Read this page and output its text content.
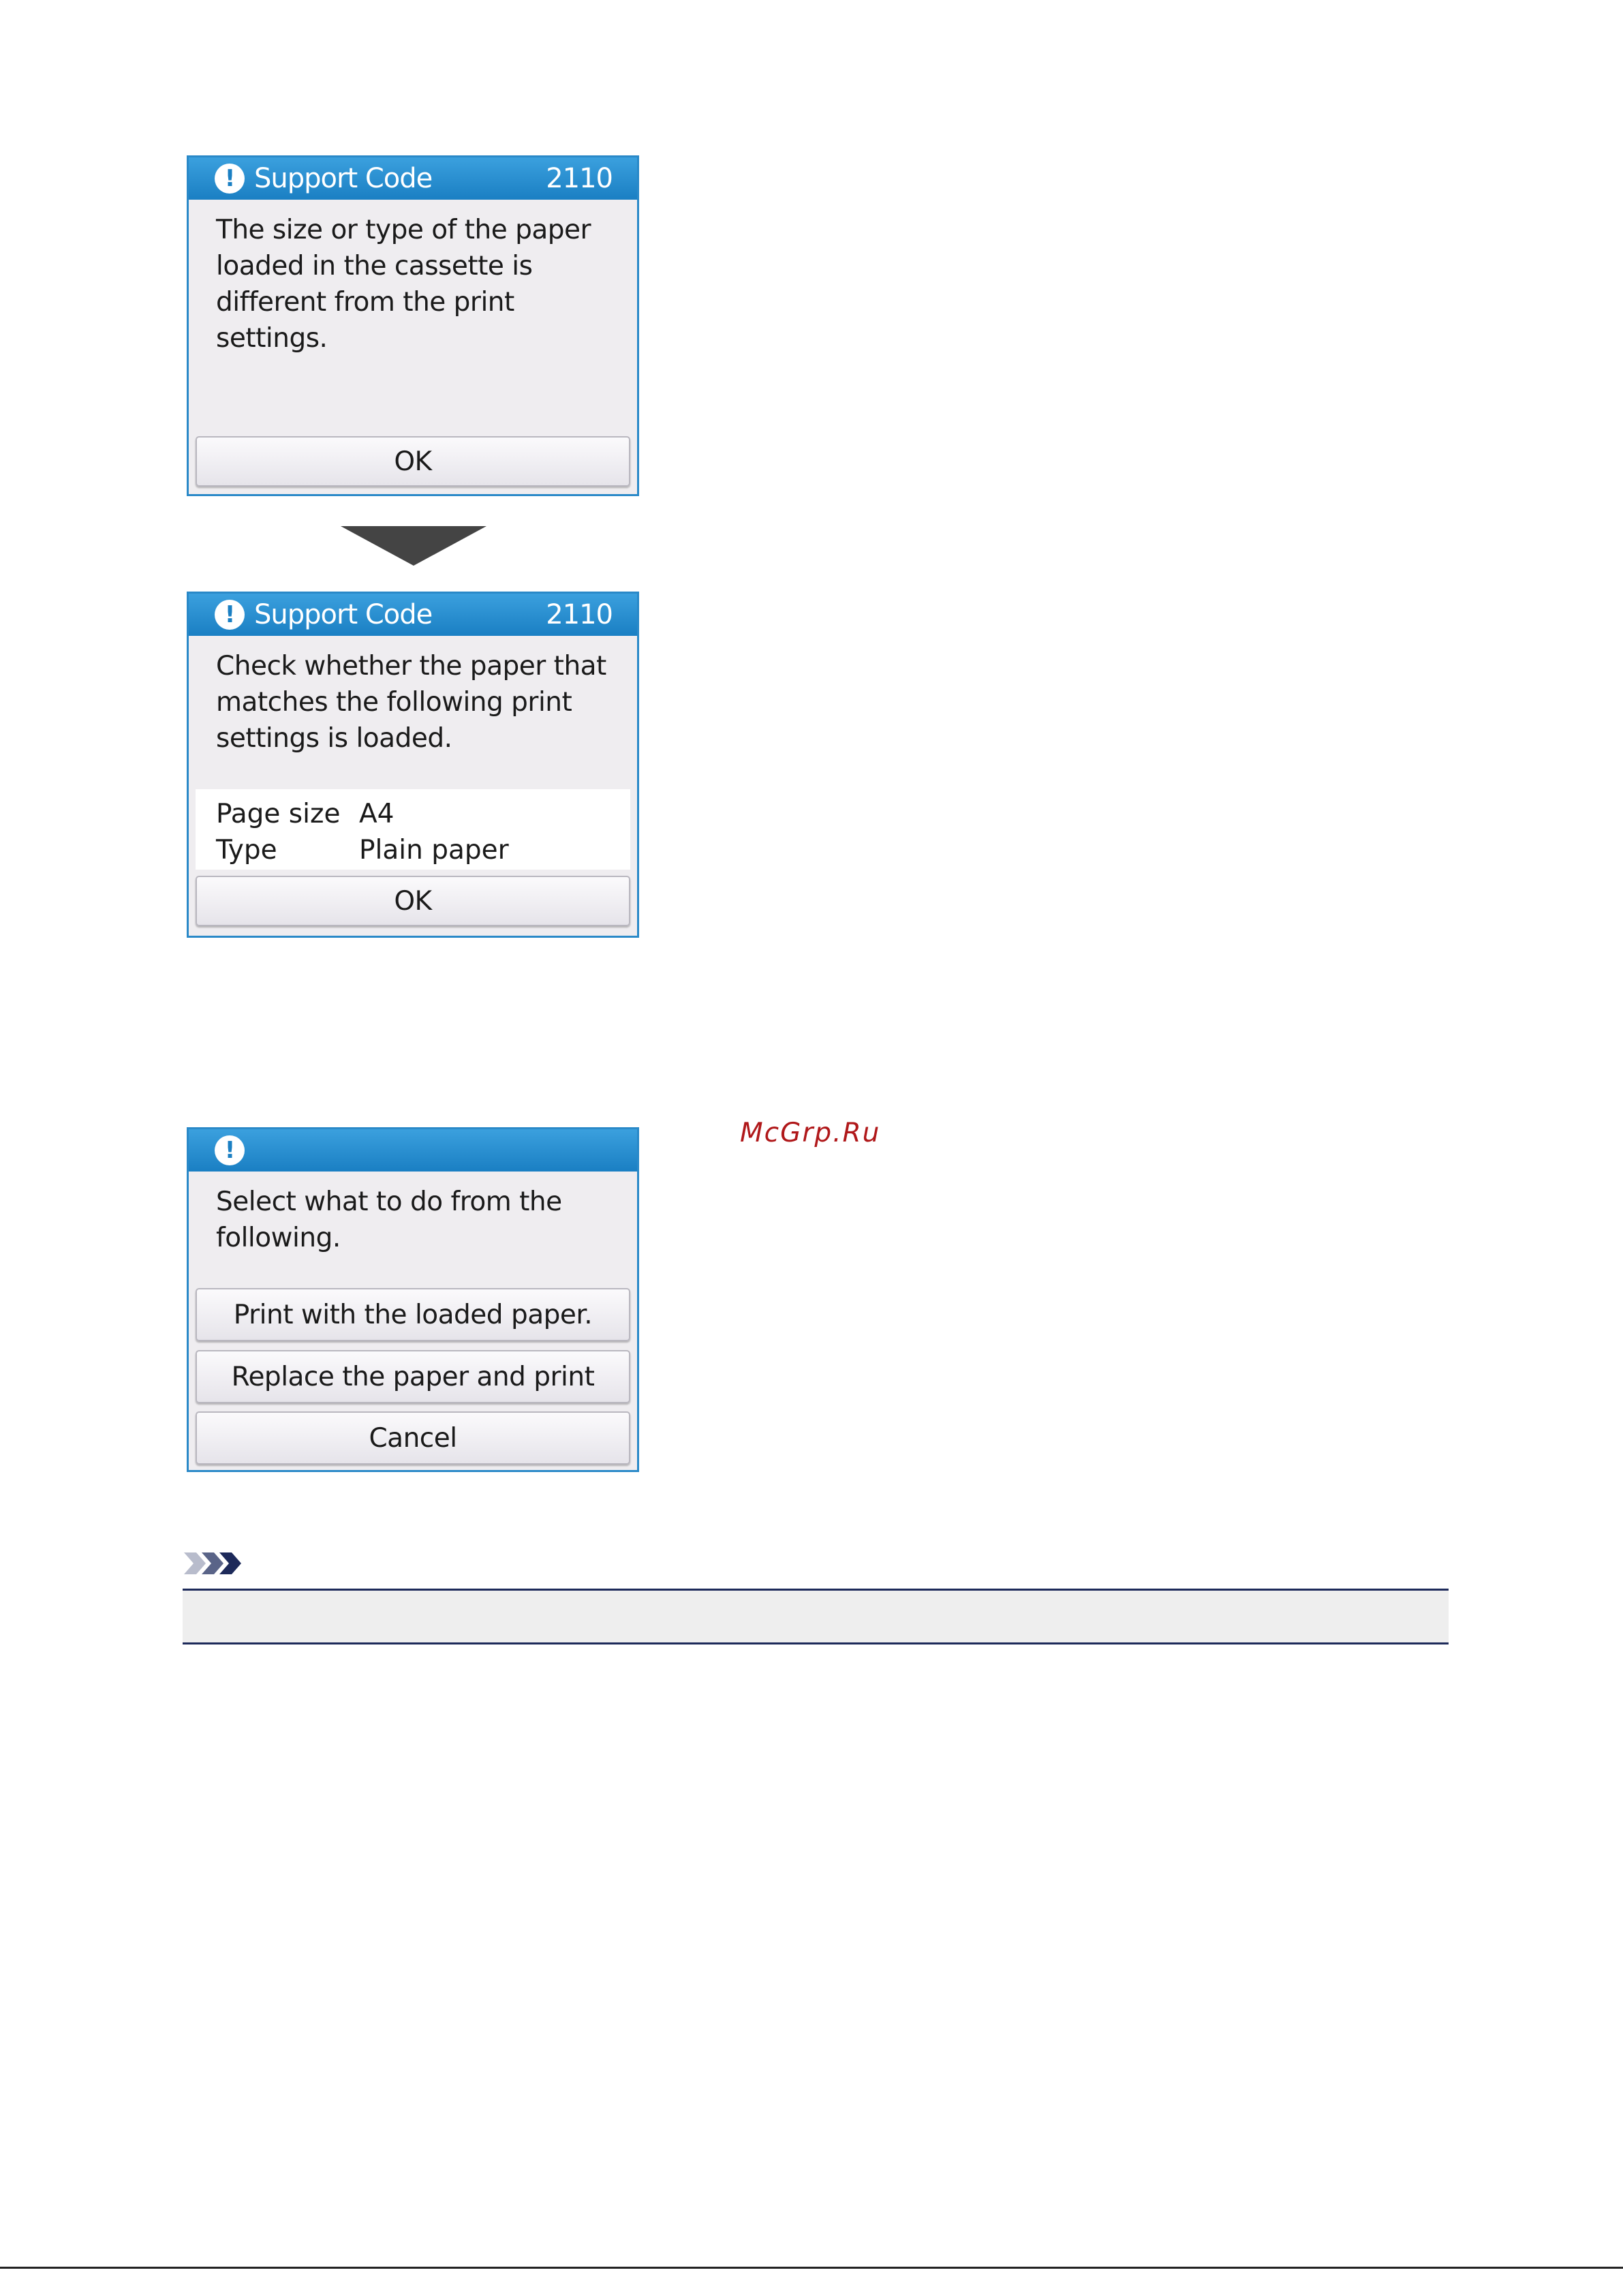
! Support Code	2110
The size or type of the paper loaded in the cassette is different from the print settings.
OK
! Support Code	2110
Check whether the paper that matches the following print settings is loaded.
Page size A4
Type	Plain paper
OK
!
Select what to do from the following.
Print with the loaded paper.
Replace the paper and print
Cancel
McGrp.Ru
